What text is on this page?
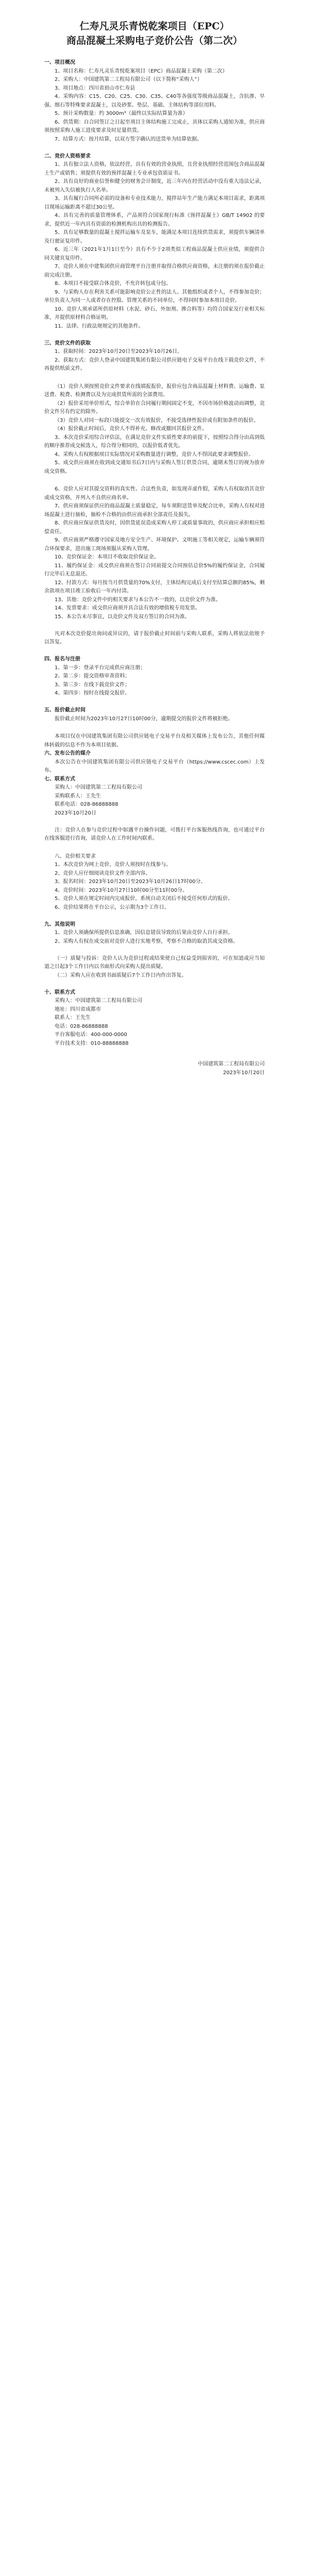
仁寿凡灵乐青悦乾案项目（EPC）
商品混凝土采购电子竞价公告（第二次）

一、项目概况

1、项目名称：仁寿凡灵乐青悦乾案项目（EPC）商品混凝土采购（第二次）

2、采购人：中国建筑第二工程局有限公司（以下简称“采购人”）

3、项目地点：四川省眉山市仁寿县

4、采购内容：C15、C20、C25、C30、C35、C40等各强度等级商品混凝土，含抗渗、早强、细石等特殊要求混凝土，以及砂浆、垫层、基础、主体结构等部位用料。

5、预计采购数量：约 3000m³（最终以实际结算量为准）

6、供货期：自合同签订之日起至项目主体结构施工完成止，具体以采购人通知为准，供应商须按照采购人施工进度要求及时足量供货。

7、结算方式：按月结算，以双方签字确认的送货单为结算依据。

二、竞价人资格要求

1、具有独立法人资格，依法经营，具有有效的营业执照，且营业执照经营范围包含商品混凝土生产或销售；须提供有效的预拌混凝土专业承包资质证书。

2、具有良好的商业信誉和健全的财务会计制度，近三年内在经营活动中没有重大违法记录，未被列入失信被执行人名单。

3、具有履行合同所必需的设备和专业技术能力，搅拌站年生产能力满足本项目需求，距离项目现场运输距离不超过30公里。

4、具有完善的质量管理体系，产品须符合国家现行标准《预拌混凝土》GB/T 14902 的要求，提供近一年内具有资质的检测机构出具的检测报告。

5、具有足够数量的混凝土搅拌运输车及泵车，能满足本项目连续供货需求，须提供车辆清单及行驶证复印件。

6、近三年（2021年1月1日至今）具有不少于2项类似工程商品混凝土供应业绩，须提供合同关键页复印件。

7、竞价人须在中建集团供应商管理平台注册并取得合格供应商资格，未注册的须在报价截止前完成注册。

8、本项目不接受联合体竞价，不允许转包或分包。

9、与采购人存在利害关系可能影响竞价公正性的法人、其他组织或者个人，不得参加竞价；单位负责人为同一人或者存在控股、管理关系的不同单位，不得同时参加本项目竞价。

10、竞价人须承诺所供原材料（水泥、砂石、外加剂、掺合料等）均符合国家及行业相关标准，并提供原材料合格证明。

11、法律、行政法规规定的其他条件。

三、竞价文件的获取

1、获取时间：2023年10月20日至2023年10月26日。

2、获取方式：竞价人登录中国建筑集团有限公司供应链电子交易平台在线下载竞价文件，不再提供纸质文件。

（1）竞价人须按照竞价文件要求在线填报报价，报价应包含商品混凝土材料费、运输费、泵送费、税费、检测费以及为完成供货所需的全部费用。

（2）报价采用单价形式，综合单价在合同履行期间固定不变，不因市场价格波动而调整，竞价文件另有约定的除外。

（3）竞价人对同一标段只能提交一次有效报价，不接受选择性报价或有附加条件的报价。

（4）报价截止时间后，竞价人不得补充、修改或撤回其报价文件。

3、本次竞价采用综合评估法，在满足竞价文件实质性要求的前提下，按照综合得分由高到低的顺序推荐成交候选人，综合得分相同的，以报价低者优先。

4、采购人有权根据项目实际情况对采购数量进行调整，竞价人不得因此要求调整报价。

5、成交供应商须在收到成交通知书后7日内与采购人签订供货合同，逾期未签订的视为放弃成交资格。

6、竞价人应对其提交资料的真实性、合法性负责，如发现弄虚作假，采购人有权取消其竞价或成交资格，并列入不良供应商名单。

7、供应商须保证供应的商品混凝土质量稳定，每车须附送货单及配合比单，采购人有权对进场混凝土进行抽检，抽检不合格的由供应商承担全部责任及损失。

8、供应商应保证供货及时，因供货延误造成采购人停工或质量事故的，供应商应承担相应赔偿责任。

9、供应商须严格遵守国家及地方安全生产、环境保护、文明施工等相关规定，运输车辆须符合环保要求，进出施工现场须服从采购人管理。

10、竞价保证金：本项目不收取竞价保证金。

11、履约保证金：成交供应商须在签订合同前提交合同预估总价5%的履约保证金，合同履行完毕后无息退还。

12、付款方式：每月按当月供货量的70%支付，主体结构完成后支付至结算总额的85%，剩余款项在项目竣工验收后一年内付清。

13、其他：竞价文件中的相关要求与本公告不一致的，以竞价文件为准。

14、发票要求：成交供应商须开具合法有效的增值税专用发票。

15、本公告未尽事宜，以竞价文件及双方签订的合同为准。

凡对本次竞价提出询问或异议的，请于报价截止时间前与采购人联系，采购人将依法依规予以答复。

四、报名与注册

1、第一步：登录平台完成供应商注册；

2、第二步：提交资格审查资料；

3、第三步：在线下载竞价文件；

4、第四步：按时在线提交报价。

五、报价截止时间

报价截止时间为2023年10月27日10时00分，逾期提交的报价文件将被拒绝。

本项目仅在中国建筑集团有限公司供应链电子交易平台及相关媒体上发布公告，其他任何媒体转载的信息不作为本项目依据。

六、发布公告的媒介

本次公告在中国建筑集团有限公司供应链电子交易平台（https://www.cscec.com）上发布。

七、联系方式

采购人：中国建筑第二工程局有限公司

采购联系人：王先生

联系电话：028-86888888

2023年10月20日

注：竞价人在参与竞价过程中如遇平台操作问题，可拨打平台客服热线咨询，也可通过平台在线客服进行咨询，请竞价人在工作时间内联系。

八、竞价相关要求

1、本次竞价为网上竞价，竞价人须按时在线参与。

2、竞价人应仔细阅读竞价文件全部内容。

3、报名时间：2023年10月20日至2023年10月26日17时00分。

4、竞价时间：2023年10月27日10时00分至11时00分。

5、竞价人须在规定时间内完成报价，系统自动关闭后不接受任何形式的报价。

6、竞价结果将在平台公示，公示期为3个工作日。

九、其他说明

1、竞价人须确保所提供信息准确，因信息错误导致的后果由竞价人自行承担。

2、采购人有权在成交前对竞价人进行实地考察，考察不合格的取消其成交资格。

（一）质疑与投诉：竞价人认为竞价过程或结果使自己权益受到损害的，可在知道或应当知道之日起3个工作日内以书面形式向采购人提出质疑。

（二）采购人应在收到书面质疑后7个工作日内作出答复。

十、联系方式

采购人：中国建筑第二工程局有限公司

地址：四川省成都市

联系人：王先生

电话：028-86888888

平台客服电话：400-000-0000

平台技术支持：010-88888888

中国建筑第二工程局有限公司
2023年10月20日
